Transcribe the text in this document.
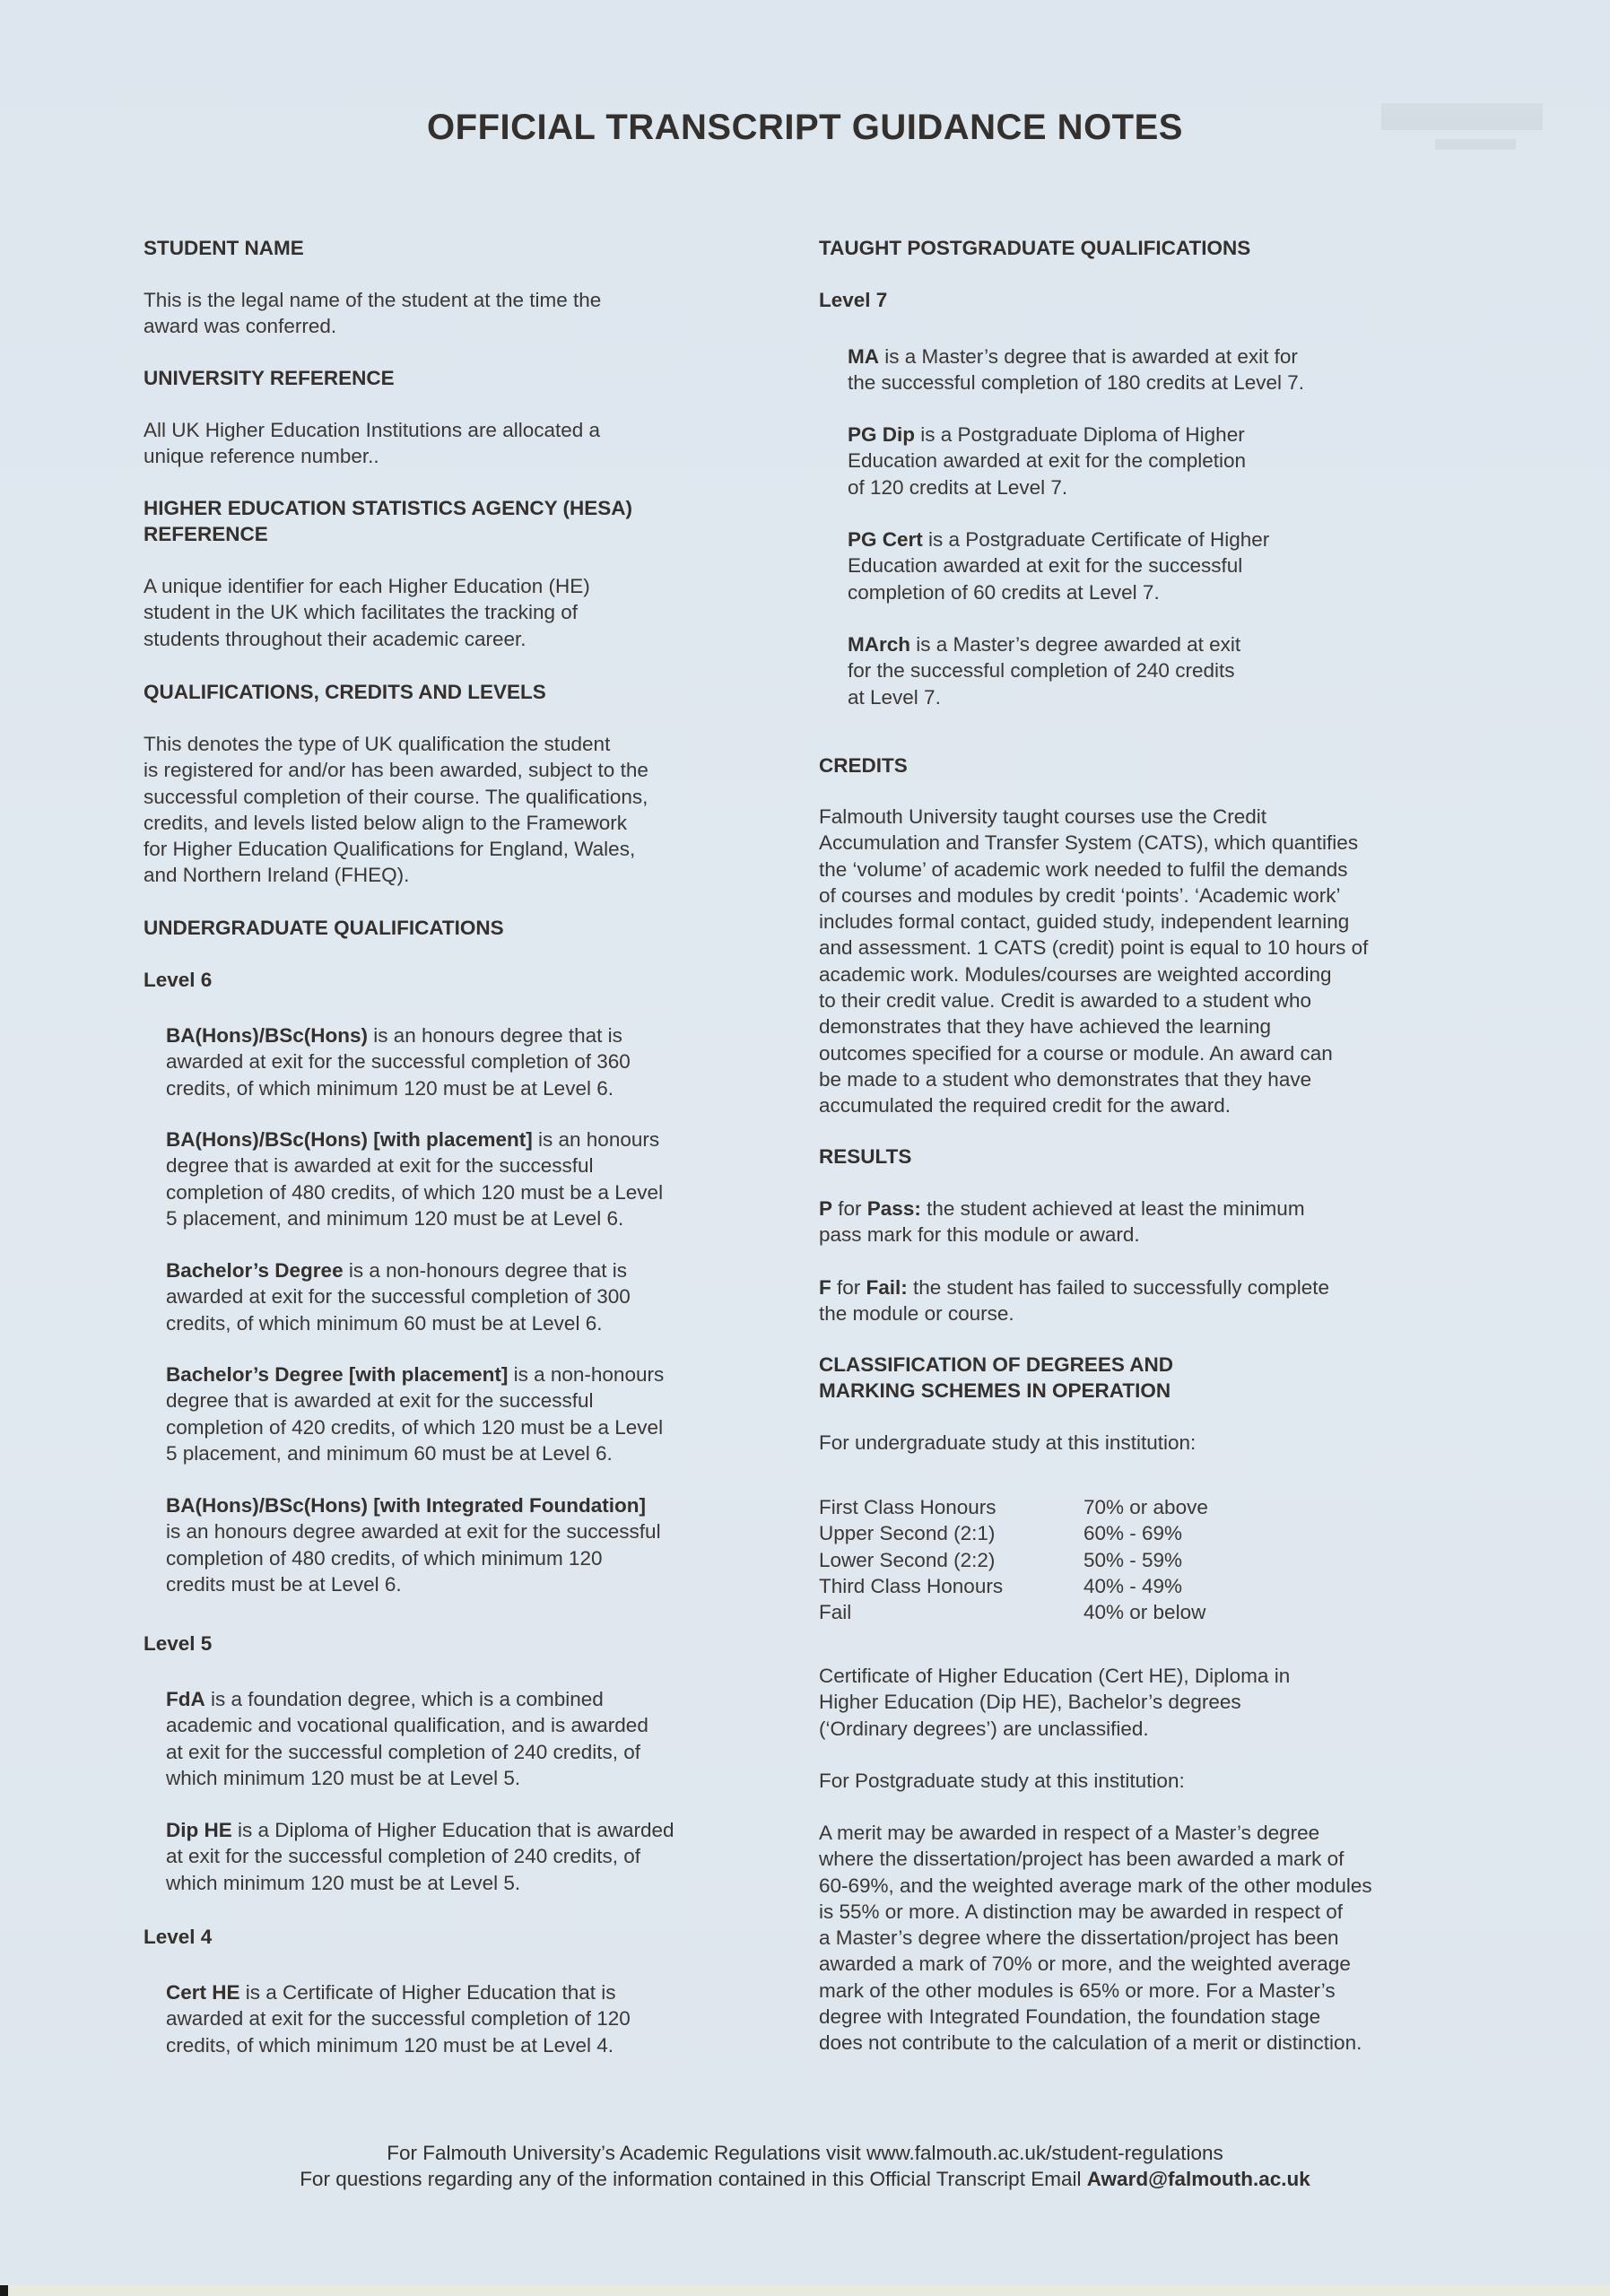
OFFICIAL TRANSCRIPT GUIDANCE NOTES
STUDENT NAME
This is the legal name of the student at the time the
award was conferred.
UNIVERSITY REFERENCE
All UK Higher Education Institutions are allocated a
unique reference number..
HIGHER EDUCATION STATISTICS AGENCY (HESA)
REFERENCE
A unique identifier for each Higher Education (HE)
student in the UK which facilitates the tracking of
students throughout their academic career.
QUALIFICATIONS, CREDITS AND LEVELS
This denotes the type of UK qualification the student
is registered for and/or has been awarded, subject to the
successful completion of their course. The qualifications,
credits, and levels listed below align to the Framework
for Higher Education Qualifications for England, Wales,
and Northern Ireland (FHEQ).
UNDERGRADUATE QUALIFICATIONS
Level 6
BA(Hons)/BSc(Hons) is an honours degree that is
awarded at exit for the successful completion of 360
credits, of which minimum 120 must be at Level 6.
BA(Hons)/BSc(Hons) [with placement] is an honours
degree that is awarded at exit for the successful
completion of 480 credits, of which 120 must be a Level
5 placement, and minimum 120 must be at Level 6.
Bachelor’s Degree is a non-honours degree that is
awarded at exit for the successful completion of 300
credits, of which minimum 60 must be at Level 6.
Bachelor’s Degree [with placement] is a non-honours
degree that is awarded at exit for the successful
completion of 420 credits, of which 120 must be a Level
5 placement, and minimum 60 must be at Level 6.
BA(Hons)/BSc(Hons) [with Integrated Foundation]
is an honours degree awarded at exit for the successful
completion of 480 credits, of which minimum 120
credits must be at Level 6.
Level 5
FdA is a foundation degree, which is a combined
academic and vocational qualification, and is awarded
at exit for the successful completion of 240 credits, of
which minimum 120 must be at Level 5.
Dip HE is a Diploma of Higher Education that is awarded
at exit for the successful completion of 240 credits, of
which minimum 120 must be at Level 5.
Level 4
Cert HE is a Certificate of Higher Education that is
awarded at exit for the successful completion of 120
credits, of which minimum 120 must be at Level 4.
TAUGHT POSTGRADUATE QUALIFICATIONS
Level 7
MA is a Master’s degree that is awarded at exit for
the successful completion of 180 credits at Level 7.
PG Dip is a Postgraduate Diploma of Higher
Education awarded at exit for the completion
of 120 credits at Level 7.
PG Cert is a Postgraduate Certificate of Higher
Education awarded at exit for the successful
completion of 60 credits at Level 7.
MArch is a Master’s degree awarded at exit
for the successful completion of 240 credits
at Level 7.
CREDITS
Falmouth University taught courses use the Credit
Accumulation and Transfer System (CATS), which quantifies
the ‘volume’ of academic work needed to fulfil the demands
of courses and modules by credit ‘points’. ‘Academic work’
includes formal contact, guided study, independent learning
and assessment. 1 CATS (credit) point is equal to 10 hours of
academic work. Modules/courses are weighted according
to their credit value. Credit is awarded to a student who
demonstrates that they have achieved the learning
outcomes specified for a course or module. An award can
be made to a student who demonstrates that they have
accumulated the required credit for the award.
RESULTS
P for Pass: the student achieved at least the minimum
pass mark for this module or award.
F for Fail: the student has failed to successfully complete
the module or course.
CLASSIFICATION OF DEGREES AND
MARKING SCHEMES IN OPERATION
For undergraduate study at this institution:
First Class Honours	70% or above
Upper Second (2:1)	60% - 69%
Lower Second (2:2)	50% - 59%
Third Class Honours	40% - 49%
Fail	40% or below
Certificate of Higher Education (Cert HE), Diploma in
Higher Education (Dip HE), Bachelor’s degrees
(‘Ordinary degrees’) are unclassified.
For Postgraduate study at this institution:
A merit may be awarded in respect of a Master’s degree
where the dissertation/project has been awarded a mark of
60-69%, and the weighted average mark of the other modules
is 55% or more. A distinction may be awarded in respect of
a Master’s degree where the dissertation/project has been
awarded a mark of 70% or more, and the weighted average
mark of the other modules is 65% or more. For a Master’s
degree with Integrated Foundation, the foundation stage
does not contribute to the calculation of a merit or distinction.
For Falmouth University’s Academic Regulations visit www.falmouth.ac.uk/student-regulations
For questions regarding any of the information contained in this Official Transcript Email Award@falmouth.ac.uk
